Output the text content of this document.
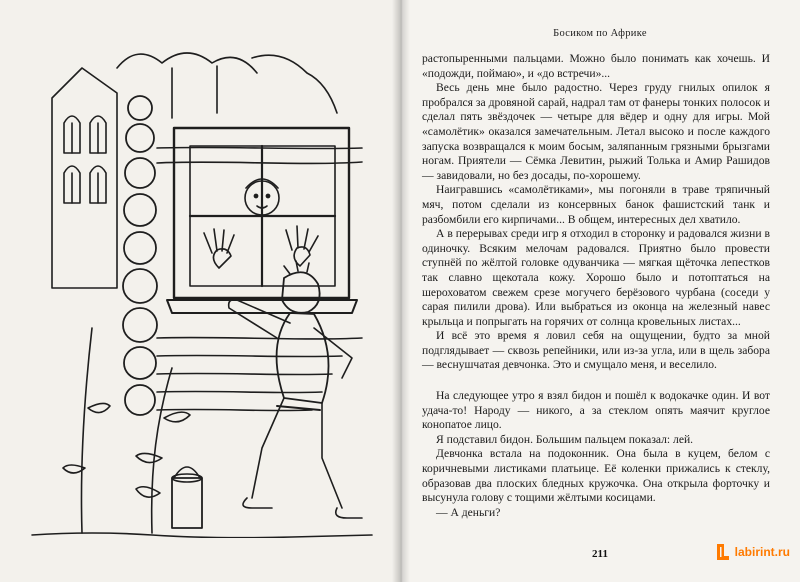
Босиком по Африке

растопыренными пальцами. Можно было понимать как хочешь. И «подожди, поймаю», и «до встречи»...

Весь день мне было радостно. Через груду гнилых опилок я пробрался за дровяной сарай, надрал там от фанеры тонких полосок и сделал пять звёздочек — четыре для вёдер и одну для игры. Мой «самолётик» оказался замечательным. Летал высоко и после каждого запуска возвращался к моим босым, заляпанным грязными брызгами ногам. Приятели — Сёмка Левитин, рыжий Толька и Амир Рашидов — завидовали, но без досады, по-хорошему.

Наигравшись «самолётиками», мы погоняли в траве тряпичный мяч, потом сделали из консервных банок фашистский танк и разбомбили его кирпичами... В общем, интересных дел хватило.

А в перерывах среди игр я отходил в сторонку и радовался жизни в одиночку. Всяким мелочам радовался. Приятно было провести ступнёй по жёлтой головке одуванчика — мягкая щёточка лепестков так славно щекотала кожу. Хорошо было и потоптаться на шероховатом свежем срезе могучего берёзового чурбана (соседи у сарая пилили дрова). Или выбраться из оконца на железный навес крыльца и попрыгать на горячих от солнца кровельных листах...

И всё это время я ловил себя на ощущении, будто за мной подглядывает — сквозь репейники, или из-за угла, или в щель забора — веснушчатая девчонка. Это и смущало меня, и веселило.

На следующее утро я взял бидон и пошёл к водокачке один. И вот удача-то! Народу — никого, а за стеклом опять маячит круглое конопатое лицо.

Я подставил бидон. Большим пальцем показал: лей.

Девчонка встала на подоконник. Она была в куцем, белом с коричневыми листиками платьице. Её коленки прижались к стеклу, образовав два плоских бледных кружочка. Она открыла форточку и высунула голову с тощими жёлтыми косицами.

— А деньги?

211	labirint.ru
